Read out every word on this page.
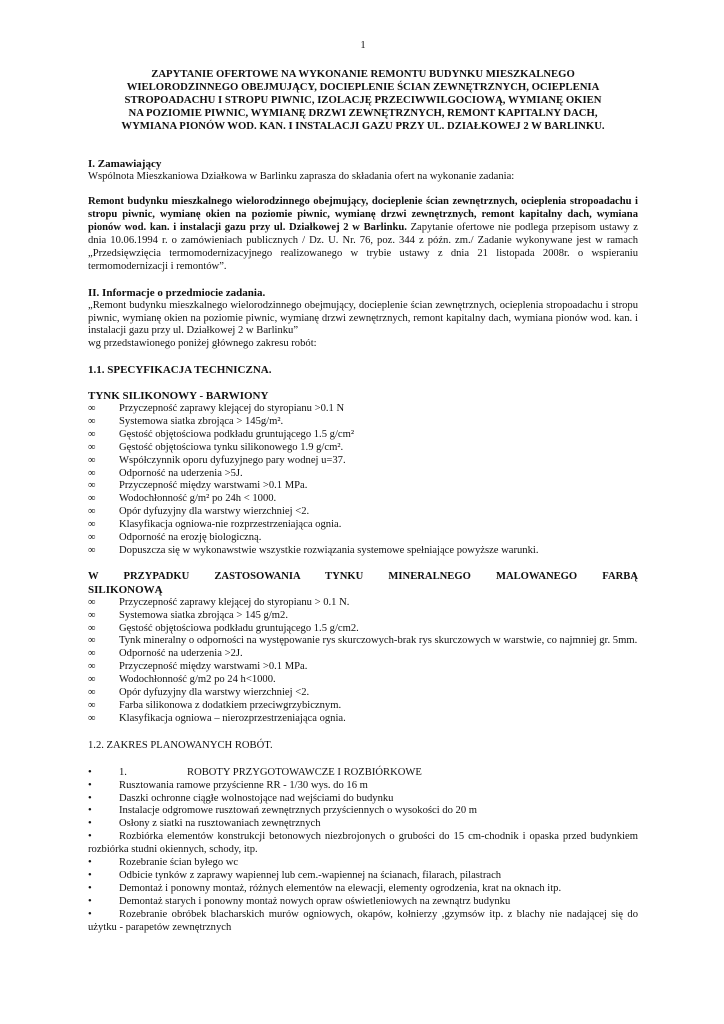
1
ZAPYTANIE OFERTOWE NA WYKONANIE REMONTU BUDYNKU MIESZKALNEGO
WIELORODZINNEGO OBEJMUJĄCY, DOCIEPLENIE ŚCIAN ZEWNĘTRZNYCH, OCIEPLENIA
STROPOADACHU I STROPU PIWNIC, IZOLACJĘ PRZECIWWILGOCIOWĄ, WYMIANĘ OKIEN
NA POZIOMIE PIWNIC, WYMIANĘ DRZWI ZEWNĘTRZNYCH, REMONT KAPITALNY DACH,
WYMIANA PIONÓW WOD. KAN. I INSTALACJI GAZU PRZY UL. DZIAŁKOWEJ 2 W BARLINKU.
I. Zamawiający
Wspólnota Mieszkaniowa Działkowa w Barlinku zaprasza do składania ofert na wykonanie zadania:
Remont budynku mieszkalnego wielorodzinnego obejmujący, docieplenie ścian zewnętrznych, ocieplenia stropoadachu i stropu piwnic, wymianę okien na poziomie piwnic, wymianę drzwi zewnętrznych, remont kapitalny dach, wymiana pionów wod. kan. i instalacji gazu przy ul. Działkowej 2 w Barlinku. Zapytanie ofertowe nie podlega przepisom ustawy z dnia 10.06.1994 r. o zamówieniach publicznych / Dz. U. Nr. 76, poz. 344 z późn. zm./ Zadanie wykonywane jest w ramach „Przedsięwzięcia termomodernizacyjnego realizowanego w trybie ustawy z dnia 21 listopada 2008r. o wspieraniu termomodernizacji i remontów”.
II. Informacje o przedmiocie zadania.
„Remont budynku mieszkalnego wielorodzinnego obejmujący, docieplenie ścian zewnętrznych, ocieplenia stropoadachu i stropu piwnic, wymianę okien na poziomie piwnic, wymianę drzwi zewnętrznych, remont kapitalny dach, wymiana pionów wod. kan. i instalacji gazu przy ul. Działkowej 2 w Barlinku”
wg przedstawionego poniżej głównego zakresu robót:
1.1. SPECYFIKACJA TECHNICZNA.
TYNK SILIKONOWY - BARWIONY
∞ Przyczepność zaprawy klejącej do styropianu >0.1 N
∞ Systemowa siatka zbrojąca > 145g/m².
∞ Gęstość objętościowa podkładu gruntującego 1.5 g/cm²
∞ Gęstość objętościowa tynku silikonowego 1.9 g/cm².
∞ Współczynnik oporu dyfuzyjnego pary wodnej u=37.
∞ Odporność na uderzenia >5J.
∞ Przyczepność między warstwami >0.1 MPa.
∞ Wodochłonność g/m² po 24h < 1000.
∞ Opór dyfuzyjny dla warstwy wierzchniej <2.
∞ Klasyfikacja ogniowa-nie rozprzestrzeniająca ognia.
∞ Odporność na erozję biologiczną.
∞ Dopuszcza się w wykonawstwie wszystkie rozwiązania systemowe spełniające powyższe warunki.
W PRZYPADKU ZASTOSOWANIA TYNKU MINERALNEGO MALOWANEGO FARBĄ
SILIKONOWĄ
∞ Przyczepność zaprawy klejącej do styropianu > 0.1 N.
∞ Systemowa siatka zbrojąca > 145 g/m2.
∞ Gęstość objętościowa podkładu gruntującego 1.5 g/cm2.
∞ Tynk mineralny o odporności na występowanie rys skurczowych-brak rys skurczowych w warstwie, co najmniej gr. 5mm.
∞ Odporność na uderzenia >2J.
∞ Przyczepność między warstwami >0.1 MPa.
∞ Wodochłonność g/m2 po 24 h<1000.
∞ Opór dyfuzyjny dla warstwy wierzchniej <2.
∞ Farba silikonowa z dodatkiem przeciwgrzybicznym.
∞ Klasyfikacja ogniowa – nierozprzestrzeniająca ognia.
1.2. ZAKRES PLANOWANYCH ROBÓT.
•	1.	ROBOTY PRZYGOTOWAWCZE I ROZBIÓRKOWE
•	Rusztowania ramowe przyścienne RR - 1/30 wys. do 16 m
•	Daszki ochronne ciągłe wolnostojące nad wejściami do budynku
•	Instalacje odgromowe rusztowań zewnętrznych przyściennych o wysokości do 20 m
•	Osłony z siatki na rusztowaniach zewnętrznych
•	Rozbiórka elementów konstrukcji betonowych niezbrojonych o grubości do 15 cm-chodnik i opaska przed budynkiem rozbiórka studni okiennych, schody, itp.
•	Rozebranie ścian byłego wc
•	Odbicie tynków z zaprawy wapiennej lub cem.-wapiennej na ścianach, filarach, pilastrach
•	Demontaż i ponowny montaż, różnych elementów na elewacji, elementy ogrodzenia, krat na oknach itp.
•	Demontaż starych i ponowny montaż nowych opraw oświetleniowych na zewnątrz budynku
•	Rozebranie obróbek blacharskich murów ogniowych, okapów, kołnierzy ,gzymsów itp. z blachy nie nadającej się do użytku - parapetów zewnętrznych
